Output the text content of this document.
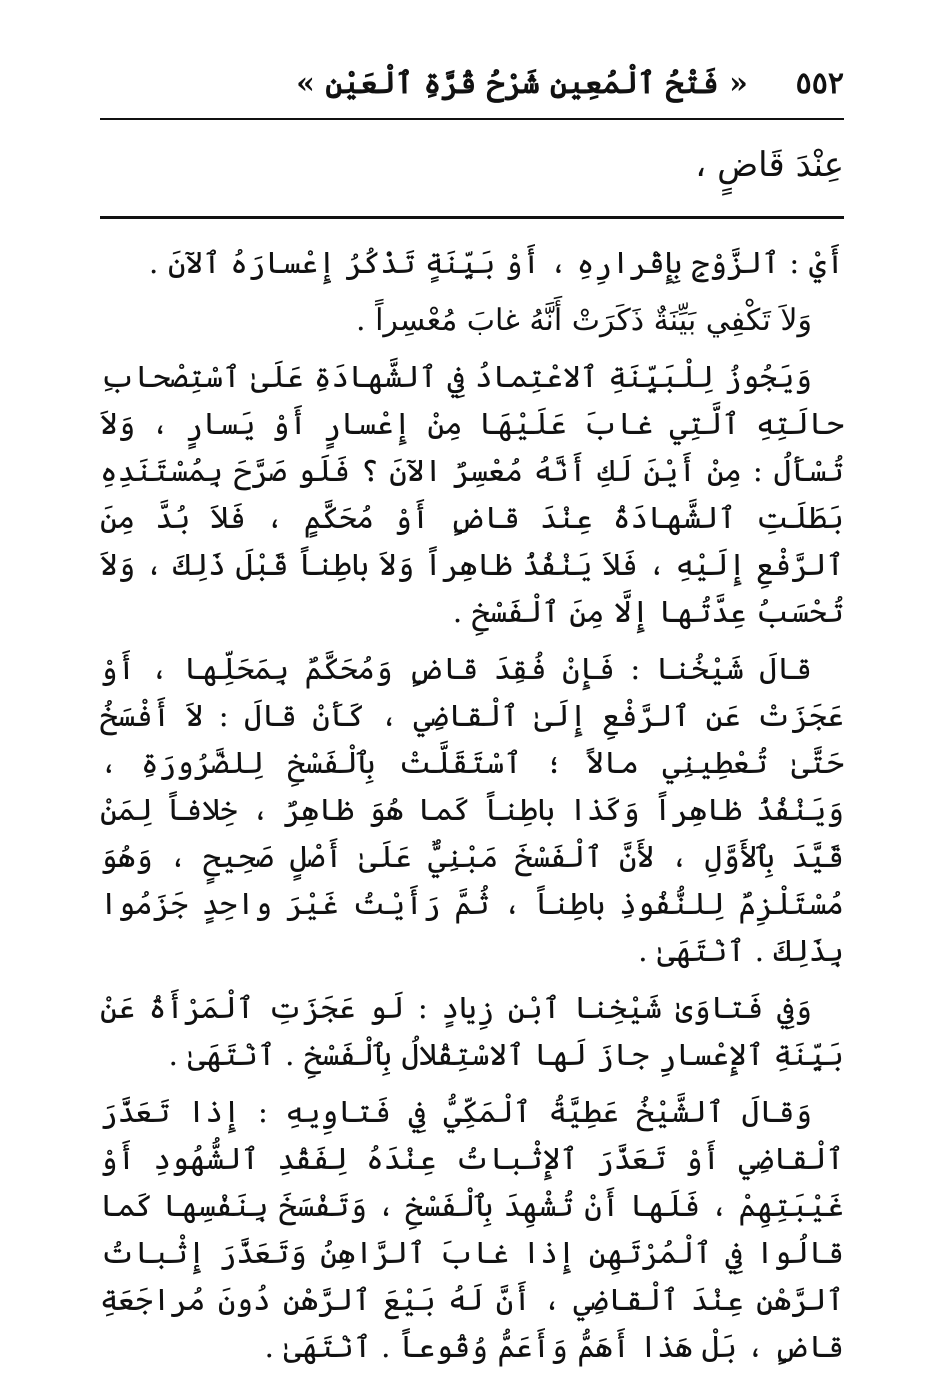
٥٥٢
« فَتْحُ ٱلْمُعِينِ شَرْحُ قُرَّةِ ٱلْعَيْنِ »
عِنْدَ قَاضٍ ،

أَيْ : ٱلزَّوْجِ بِإِقْرارِهِ ، أَوْ بَيِّنَةٍ تَذْكُرُ إِعْسارَهُ ٱلآنَ .

وَلاَ تَكْفِي بَيِّنَةٌ ذَكَرَتْ أَنَّهُ غابَ مُعْسِراً .

وَيَجُوزُ لِلْبَيِّنَةِ ٱلاعْتِمادُ فِي ٱلشَّهادَةِ عَلَىٰ ٱسْتِصْحابِ حالَتِهِ ٱلَّتِي غابَ عَلَيْهَا مِنْ إِعْسارٍ أَوْ يَسارٍ ، وَلاَ تُسْأَلُ : مِنْ أَيْنَ لَكِ أَنَّهُ مُعْسِرٌ الآنَ ؟ فَلَو صَرَّحَ بِمُسْتَنَدِهِ بَطَلَتِ ٱلشَّهادَةُ عِنْدَ قاضٍ أَوْ مُحَكَّمٍ ، فَلاَ بُدَّ مِنَ ٱلرَّفْعِ إِلَيْهِ ، فَلاَ يَنْفُذُ ظاهِراً وَلاَ باطِناً قَبْلَ ذَلِكَ ، وَلاَ تُحْسَبُ عِدَّتُها إِلَّا مِنَ ٱلْفَسْخِ .

قالَ شَيْخُنا : فَإِنْ فُقِدَ قاضٍ وَمُحَكَّمٌ بِمَحَلِّها ، أَوْ عَجَزَتْ عَنِ ٱلرَّفْعِ إِلَىٰ ٱلْقاضِي ، كَأَنْ قالَ : لاَ أَفْسَخُ حَتَّىٰ تُعْطِينِي مالاً ؛ ٱسْتَقَلَّتْ بِٱلْفَسْخِ لِلضَّرُورَةِ ، وَيَنْفُذُ ظاهِراً وَكَذا باطِناً كَما هُوَ ظاهِرٌ ، خِلافاً لِمَنْ قَيَّدَ بِٱلأَوَّلِ ، لأَنَّ ٱلْفَسْخَ مَبْنِيٌّ عَلَىٰ أَصْلٍ صَحِيحٍ ، وَهُوَ مُسْتَلْزِمٌ لِلنُّفُوذِ باطِناً ، ثُمَّ رَأَيْتُ غَيْرَ واحِدٍ جَزَمُوا بِذَلِكَ . ٱنْتَهَىٰ .

وَفِي فَتاوَىٰ شَيْخِنا ٱبْنِ زِيادٍ : لَو عَجَزَتِ ٱلْمَرْأَةُ عَنْ بَيِّنَةِ ٱلإِعْسارِ جازَ لَها ٱلاسْتِقْلالُ بِٱلْفَسْخِ . ٱنْتَهَىٰ .

وَقالَ ٱلشَّيْخُ عَطِيَّةُ ٱلْمَكِّيُّ فِي فَتاوِيهِ : إِذا تَعَذَّرَ ٱلْقاضِي أَوْ تَعَذَّرَ ٱلإِثْباتُ عِنْدَهُ لِفَقْدِ ٱلشُّهُودِ أَوْ غَيْبَتِهِمْ ، فَلَها أَنْ تُشْهِدَ بِٱلْفَسْخِ ، وَتَفْسَخَ بِنَفْسِها كَما قالُوا فِي ٱلْمُرْتَهِنِ إِذا غابَ ٱلرَّاهِنُ وَتَعَذَّرَ إِثْباتُ ٱلرَّهْنِ عِنْدَ ٱلْقاضِي ، أَنَّ لَهُ بَيْعَ ٱلرَّهْنِ دُونَ مُراجَعَةِ قاضٍ ، بَلْ هَذا أَهَمُّ وَأَعَمُّ وُقُوعاً . ٱنْتَهَىٰ .
